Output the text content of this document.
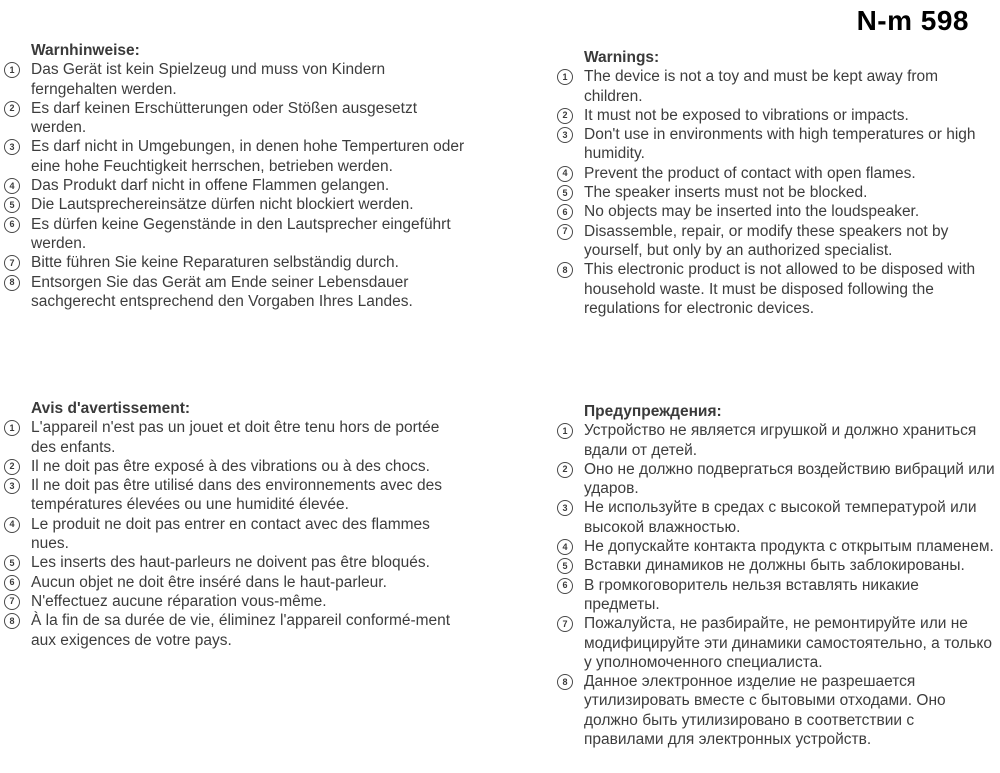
N-m 598
Warnhinweise:
1	Das Gerät ist kein Spielzeug und muss von Kindern ferngehalten werden.
2	Es darf keinen Erschütterungen oder Stößen ausgesetzt werden.
3	Es darf nicht in Umgebungen, in denen hohe Temperturen oder eine hohe Feuchtigkeit herrschen, betrieben werden.
4	Das Produkt darf nicht in offene Flammen gelangen.
5	Die Lautsprechereinsätze dürfen nicht blockiert werden.
6	Es dürfen keine Gegenstände in den Lautsprecher eingeführt werden.
7	Bitte führen Sie keine Reparaturen selbständig durch.
8	Entsorgen Sie das Gerät am Ende seiner Lebensdauer sachgerecht entsprechend den Vorgaben Ihres Landes.
Warnings:
1	The device is not a toy and must be kept away from children.
2	It must not be exposed to vibrations or impacts.
3	Don't use in environments with high temperatures or high humidity.
4	Prevent the product of contact with open flames.
5	The speaker inserts must not be blocked.
6	No objects may be inserted into the loudspeaker.
7	Disassemble, repair, or modify these speakers not by yourself, but only by an authorized specialist.
8	This electronic product is not allowed to be disposed with household waste. It must be disposed following the regulations for electronic devices.
Avis d'avertissement:
1	L'appareil n'est pas un jouet et doit être tenu hors de portée des enfants.
2	Il ne doit pas être exposé à des vibrations ou à des chocs.
3	Il ne doit pas être utilisé dans des environnements avec des températures élevées ou une humidité élevée.
4	Le produit ne doit pas entrer en contact avec des flammes nues.
5	Les inserts des haut-parleurs ne doivent pas être bloqués.
6	Aucun objet ne doit être inséré dans le haut-parleur.
7	N'effectuez aucune réparation vous-même.
8	À la fin de sa durée de vie, éliminez l'appareil conformé-ment aux exigences de votre pays.
Предупреждения:
1	Устройство не является игрушкой и должно храниться вдали от детей.
2	Оно не должно подвергаться воздействию вибраций или ударов.
3	Не используйте в средах с высокой температурой или высокой влажностью.
4	Не допускайте контакта продукта с открытым пламенем.
5	Вставки динамиков не должны быть заблокированы.
6	В громкоговоритель нельзя вставлять никакие предметы.
7	Пожалуйста, не разбирайте, не ремонтируйте или не модифицируйте эти динамики самостоятельно, а только у уполномоченного специалиста.
8	Данное электронное изделие не разрешается утилизировать вместе с бытовыми отходами. Оно должно быть утилизировано в соответствии с правилами для электронных устройств.
